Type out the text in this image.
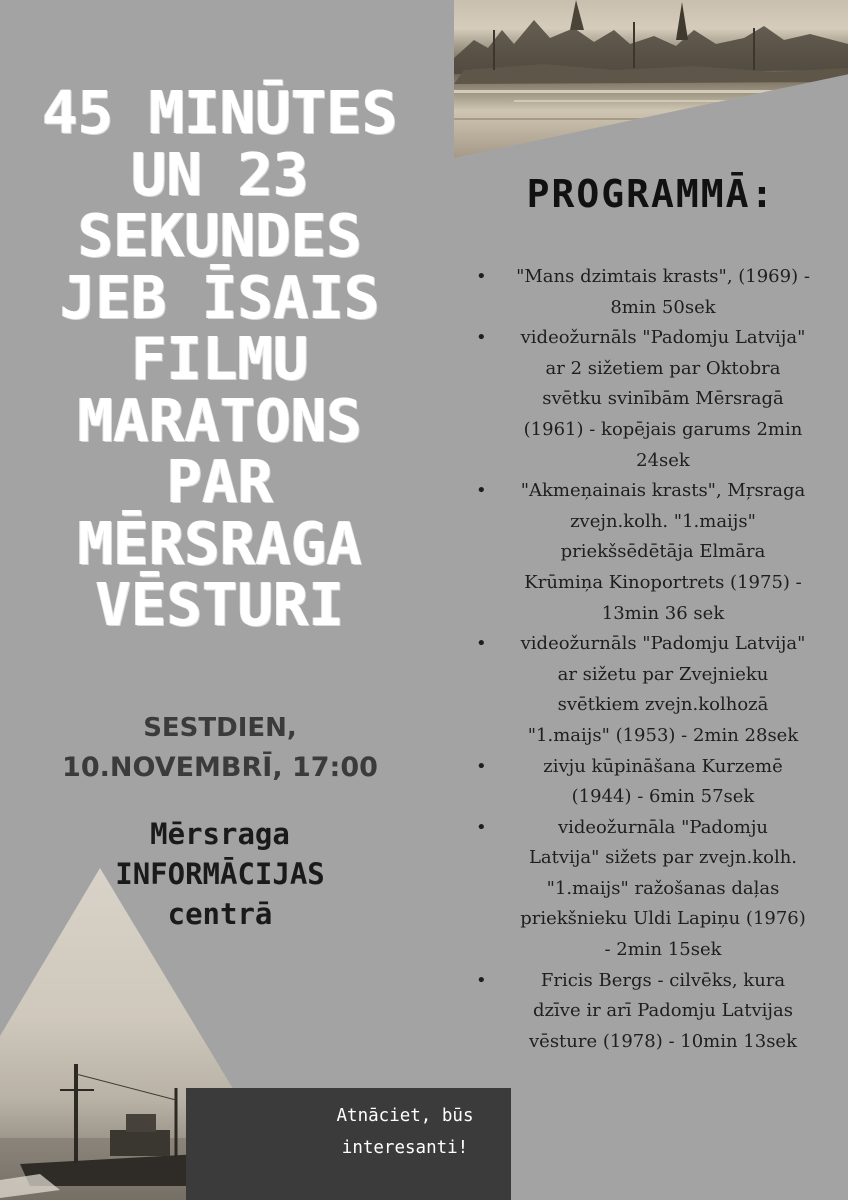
45 MINŪTES
UN 23
SEKUNDES
JEB ĪSAIS
FILMU
MARATONS
PAR
MĒRSRAGA
VĒSTURI
PROGRAMMĀ:
• "Mans dzimtais krasts", (1969) -
8min 50sek
• videožurnāls "Padomju Latvija"
ar 2 sižetiem par Oktobra
svētku svinībām Mērsragā
(1961) - kopējais garums 2min
24sek
• "Akmeņainais krasts", Mŗsraga
zvejn.kolh. "1.maijs"
priekšsēdētāja Elmāra
Krūmiņa Kinoportrets (1975) -
13min 36 sek
• videožurnāls "Padomju Latvija"
ar sižetu par Zvejnieku
svētkiem zvejn.kolhozā
"1.maijs" (1953) - 2min 28sek
•	zivju kūpināšana Kurzemē
(1944) - 6min 57sek
•	videožurnāla "Padomju
Latvija" sižets par zvejn.kolh.
"1.maijs" ražošanas daļas
priekšnieku Uldi Lapiņu (1976)
- 2min 15sek
•	Fricis Bergs - cilvēks, kura
dzīve ir arī Padomju Latvijas
vēsture (1978) - 10min 13sek
SESTDIEN,
10.NOVEMBRĪ, 17:00
Mērsraga
INFORMĀCIJAS
centrā
Atnāciet, būs
interesanti!
